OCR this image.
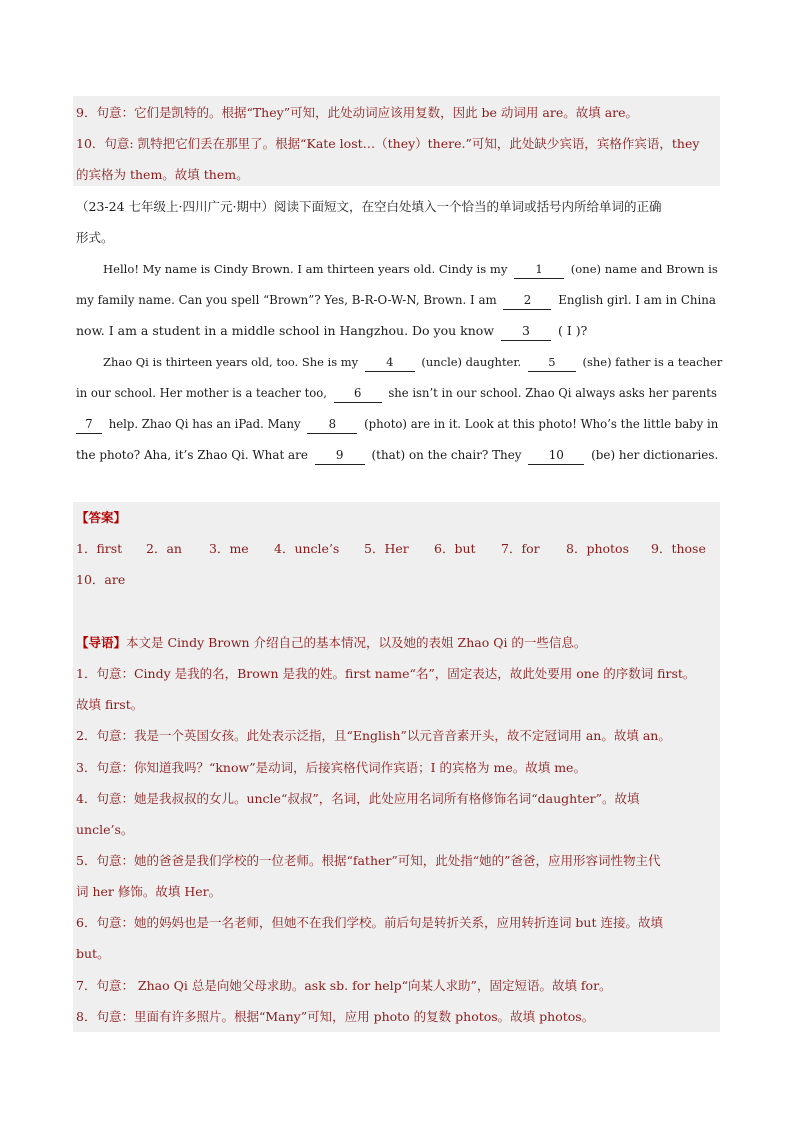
9．句意：它们是凯特的。根据“They”可知，此处动词应该用复数，因此 be 动词用 are。故填 are。
10．句意: 凯特把它们丢在那里了。根据“Kate lost…（they）there.”可知，此处缺少宾语，宾格作宾语，they
的宾格为 them。故填 them。
（23-24 七年级上·四川广元·期中）阅读下面短文，在空白处填入一个恰当的单词或括号内所给单词的正确
形式。
Hello! My name is Cindy Brown. I am thirteen years old. Cindy is my 1 (one) name and Brown is
my family name. Can you spell “Brown”? Yes, B-R-O-W-N, Brown. I am 2 English girl. I am in China
now. I am a student in a middle school in Hangzhou. Do you know 3 ( I )?
Zhao Qi is thirteen years old, too. She is my 4 (uncle) daughter. 5 (she) father is a teacher
in our school. Her mother is a teacher too, 6 she isn’t in our school. Zhao Qi always asks her parents
7 help. Zhao Qi has an iPad. Many 8 (photo) are in it. Look at this photo! Who’s the little baby in
the photo? Aha, it’s Zhao Qi. What are 9 (that) on the chair? They 10 (be) her dictionaries.
【答案】
1．first 2．an 3．me 4．uncle’s 5．Her 6．but 7．for 8．photos 9．those
10．are
【导语】本文是 Cindy Brown 介绍自己的基本情况，以及她的表姐 Zhao Qi 的一些信息。
1．句意：Cindy 是我的名，Brown 是我的姓。first name“名”，固定表达，故此处要用 one 的序数词 first。
故填 first。
2．句意：我是一个英国女孩。此处表示泛指，且“English”以元音音素开头，故不定冠词用 an。故填 an。
3．句意：你知道我吗？“know”是动词，后接宾格代词作宾语；I 的宾格为 me。故填 me。
4．句意：她是我叔叔的女儿。uncle“叔叔”，名词，此处应用名词所有格修饰名词“daughter”。故填
uncle’s。
5．句意：她的爸爸是我们学校的一位老师。根据“father”可知，此处指“她的”爸爸，应用形容词性物主代
词 her 修饰。故填 Her。
6．句意：她的妈妈也是一名老师，但她不在我们学校。前后句是转折关系，应用转折连词 but 连接。故填
but。
7．句意： Zhao Qi 总是向她父母求助。ask sb. for help“向某人求助”，固定短语。故填 for。
8．句意：里面有许多照片。根据“Many”可知，应用 photo 的复数 photos。故填 photos。
